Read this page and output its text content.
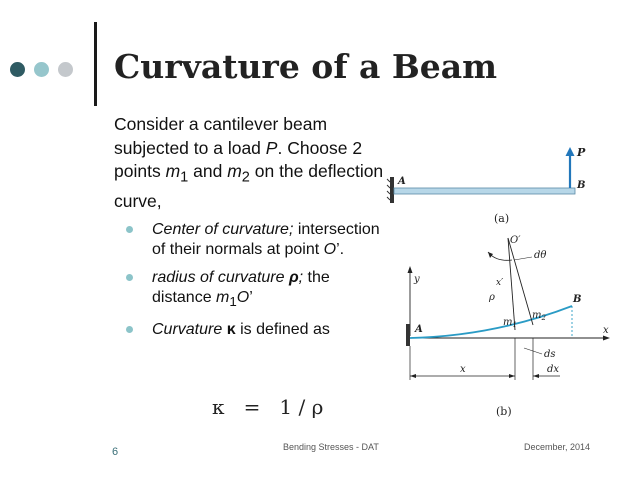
Curvature of a Beam

Consider a cantilever beam subjected to a load P. Choose 2 points $m_1$ and $m_2$ on the deflection curve,

Center of curvature; intersection of their normals at point O’.
radius of curvature ρ; the distance $m_1O$’
Curvature κ is defined as
κ   =   1 / ρ
P
A	B
(a)
y
x
A
B
O′
dθ
x′
ρ
$m_1$
$m_2$
ds
x	dx
(b)
6	Bending Stresses - DAT	December, 2014
